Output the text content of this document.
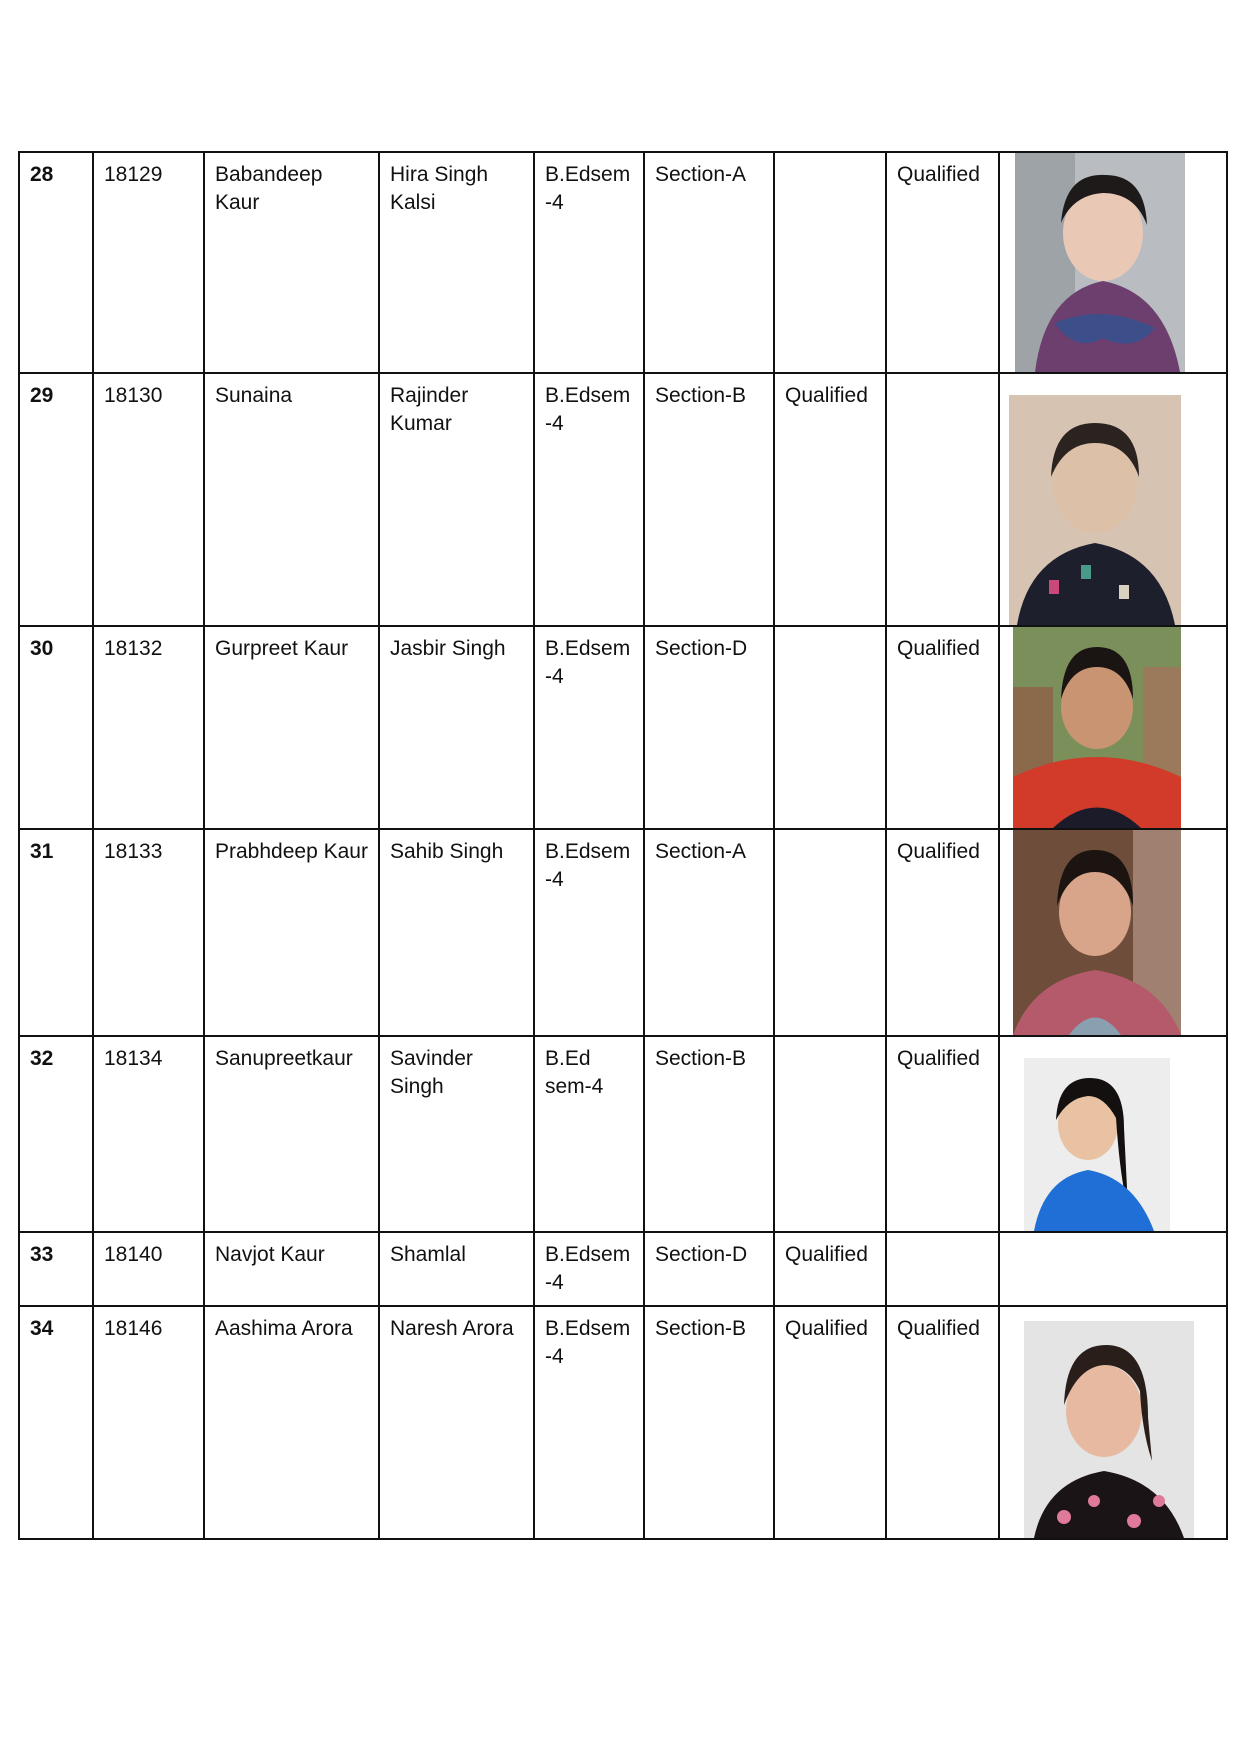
28	18129	Babandeep Kaur	Hira Singh Kalsi	B.Edsem-4	Section-A		Qualified	

29	18130	Sunaina	Rajinder Kumar	B.Edsem-4	Section-B	Qualified		

30	18132	Gurpreet Kaur	Jasbir Singh	B.Edsem-4	Section-D		Qualified	

31	18133	Prabhdeep Kaur	Sahib Singh	B.Edsem-4	Section-A		Qualified	

32	18134	Sanupreetkaur	Savinder Singh	B.Ed sem-4	Section-B		Qualified	

33	18140	Navjot Kaur	Shamlal	B.Edsem-4	Section-D	Qualified		
34	18146	Aashima Arora	Naresh Arora	B.Edsem-4	Section-B	Qualified	Qualified	
